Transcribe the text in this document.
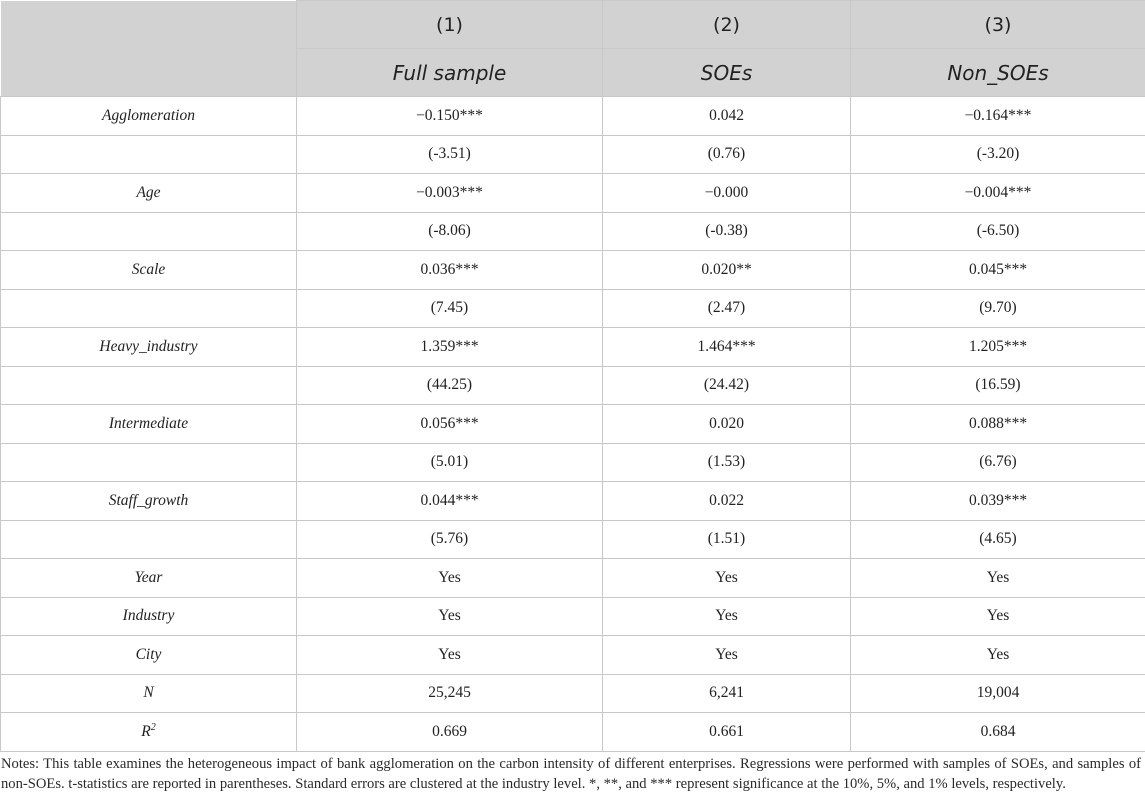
	(1)	(2)	(3)
	Full sample	SOEs	Non_SOEs
Agglomeration	−0.150***	0.042	−0.164***
	(-3.51)	(0.76)	(-3.20)
Age	−0.003***	−0.000	−0.004***
	(-8.06)	(-0.38)	(-6.50)
Scale	0.036***	0.020**	0.045***
	(7.45)	(2.47)	(9.70)
Heavy_industry	1.359***	1.464***	1.205***
	(44.25)	(24.42)	(16.59)
Intermediate	0.056***	0.020	0.088***
	(5.01)	(1.53)	(6.76)
Staff_growth	0.044***	0.022	0.039***
	(5.76)	(1.51)	(4.65)
Year	Yes	Yes	Yes
Industry	Yes	Yes	Yes
City	Yes	Yes	Yes
N	25,245	6,241	19,004
$R^2$	0.669	0.661	0.684
Notes: This table examines the heterogeneous impact of bank agglomeration on the carbon intensity of different enterprises. Regressions were performed with samples of SOEs, and samples of non-SOEs. t-statistics are reported in parentheses. Standard errors are clustered at the industry level. *, **, and *** represent significance at the 10%, 5%, and 1% levels, respectively.
